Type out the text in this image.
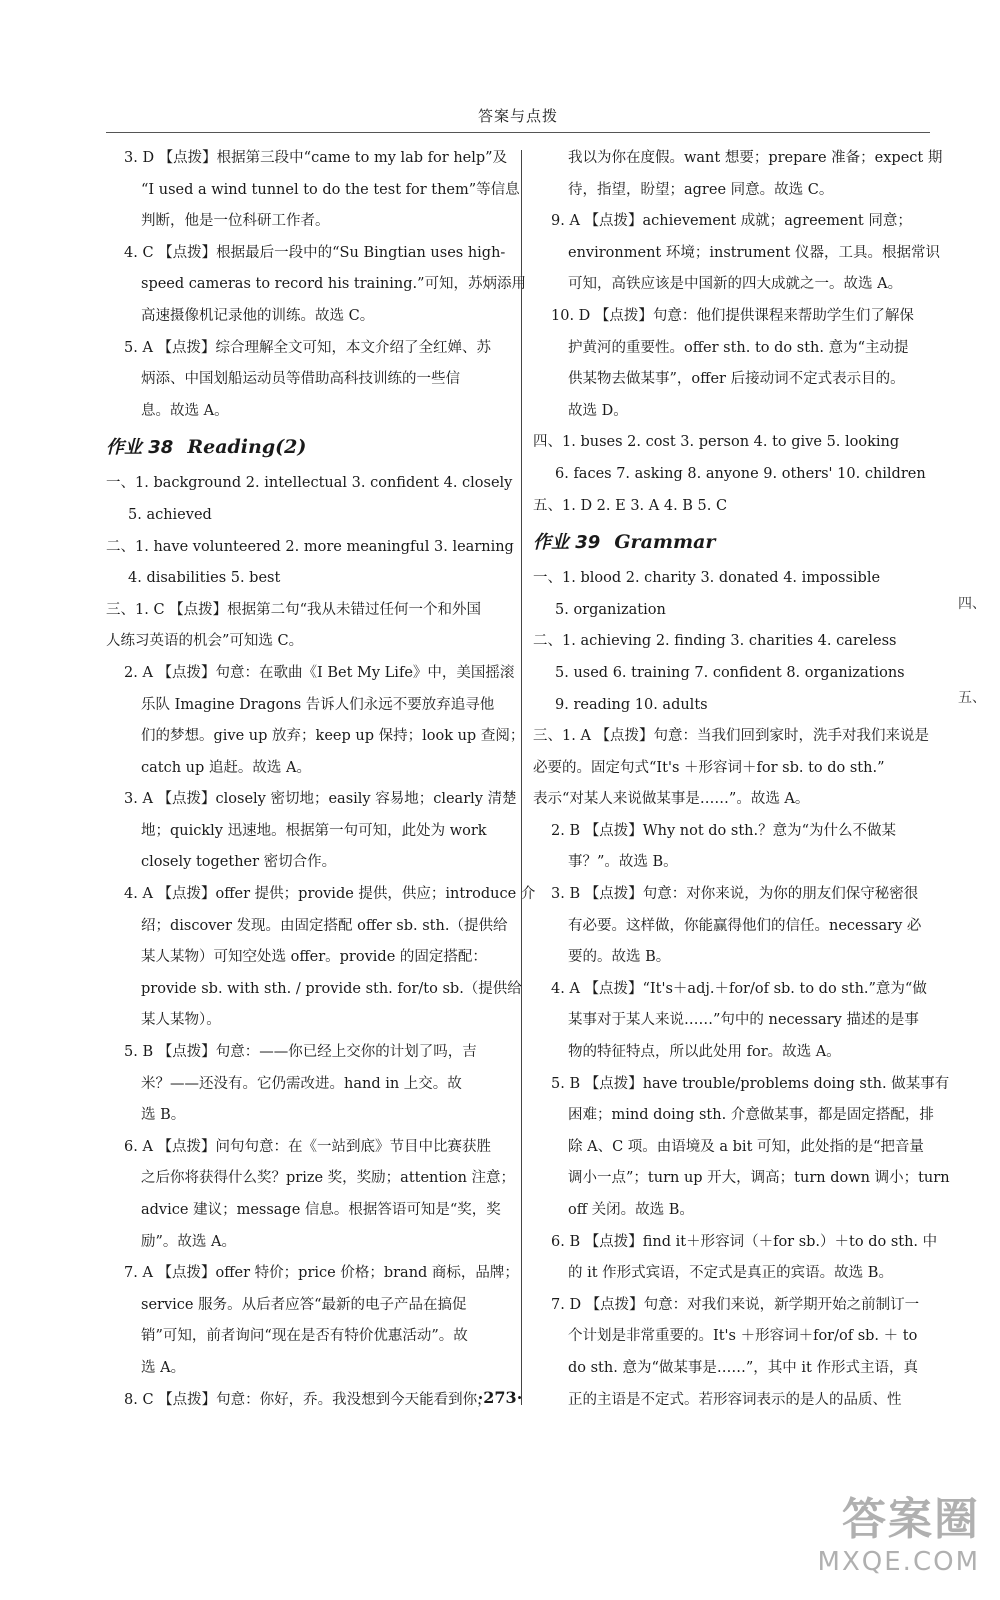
答案与点拨
3. D 【点拨】根据第三段中“came to my lab for help”及
“I used a wind tunnel to do the test for them”等信息
判断，他是一位科研工作者。
4. C 【点拨】根据最后一段中的“Su Bingtian uses high-
speed cameras to record his training.”可知，苏炳添用
高速摄像机记录他的训练。故选 C。
5. A 【点拨】综合理解全文可知，本文介绍了全红婵、苏
炳添、中国划船运动员等借助高科技训练的一些信
息。故选 A。
作业 38 Reading(2)
一、1. background 2. intellectual 3. confident 4. closely
5. achieved
二、1. have volunteered 2. more meaningful 3. learning
4. disabilities 5. best
三、1. C 【点拨】根据第二句“我从未错过任何一个和外国
人练习英语的机会”可知选 C。
2. A 【点拨】句意：在歌曲《I Bet My Life》中，美国摇滚
乐队 Imagine Dragons 告诉人们永远不要放弃追寻他
们的梦想。give up 放弃；keep up 保持；look up 查阅；
catch up 追赶。故选 A。
3. A 【点拨】closely 密切地；easily 容易地；clearly 清楚
地；quickly 迅速地。根据第一句可知，此处为 work
closely together 密切合作。
4. A 【点拨】offer 提供；provide 提供，供应；introduce 介
绍；discover 发现。由固定搭配 offer sb. sth.（提供给
某人某物）可知空处选 offer。provide 的固定搭配：
provide sb. with sth. / provide sth. for/to sb.（提供给
某人某物）。
5. B 【点拨】句意：——你已经上交你的计划了吗，吉
米？——还没有。它仍需改进。hand in 上交。故
选 B。
6. A 【点拨】问句句意：在《一站到底》节目中比赛获胜
之后你将获得什么奖？prize 奖，奖励；attention 注意；
advice 建议；message 信息。根据答语可知是“奖，奖
励”。故选 A。
7. A 【点拨】offer 特价；price 价格；brand 商标，品牌；
service 服务。从后者应答“最新的电子产品在搞促
销”可知，前者询问“现在是否有特价优惠活动”。故
选 A。
8. C 【点拨】句意：你好，乔。我没想到今天能看到你，
我以为你在度假。want 想要；prepare 准备；expect 期
待，指望，盼望；agree 同意。故选 C。
9. A 【点拨】achievement 成就；agreement 同意；
environment 环境；instrument 仪器，工具。根据常识
可知，高铁应该是中国新的四大成就之一。故选 A。
10. D 【点拨】句意：他们提供课程来帮助学生们了解保
护黄河的重要性。offer sth. to do sth. 意为“主动提
供某物去做某事”，offer 后接动词不定式表示目的。
故选 D。
四、1. buses 2. cost 3. person 4. to give 5. looking
6. faces 7. asking 8. anyone 9. others' 10. children
五、1. D 2. E 3. A 4. B 5. C
作业 39 Grammar
一、1. blood 2. charity 3. donated 4. impossible
5. organization
二、1. achieving 2. finding 3. charities 4. careless
5. used 6. training 7. confident 8. organizations
9. reading 10. adults
三、1. A 【点拨】句意：当我们回到家时，洗手对我们来说是
必要的。固定句式“It's ＋形容词＋for sb. to do sth.”
表示“对某人来说做某事是……”。故选 A。
2. B 【点拨】Why not do sth.？意为“为什么不做某
事？”。故选 B。
3. B 【点拨】句意：对你来说，为你的朋友们保守秘密很
有必要。这样做，你能赢得他们的信任。necessary 必
要的。故选 B。
4. A 【点拨】“It's＋adj.＋for/of sb. to do sth.”意为“做
某事对于某人来说……”句中的 necessary 描述的是事
物的特征特点，所以此处用 for。故选 A。
5. B 【点拨】have trouble/problems doing sth. 做某事有
困难；mind doing sth. 介意做某事，都是固定搭配，排
除 A、C 项。由语境及 a bit 可知，此处指的是“把音量
调小一点”；turn up 开大，调高；turn down 调小；turn
off 关闭。故选 B。
6. B 【点拨】find it＋形容词（＋for sb.）＋to do sth. 中
的 it 作形式宾语，不定式是真正的宾语。故选 B。
7. D 【点拨】句意：对我们来说，新学期开始之前制订一
个计划是非常重要的。It's ＋形容词＋for/of sb. ＋ to
do sth. 意为“做某事是……”，其中 it 作形式主语，真
正的主语是不定式。若形容词表示的是人的品质、性
四、
五、
·273·
答案圈
MXQE.COM
